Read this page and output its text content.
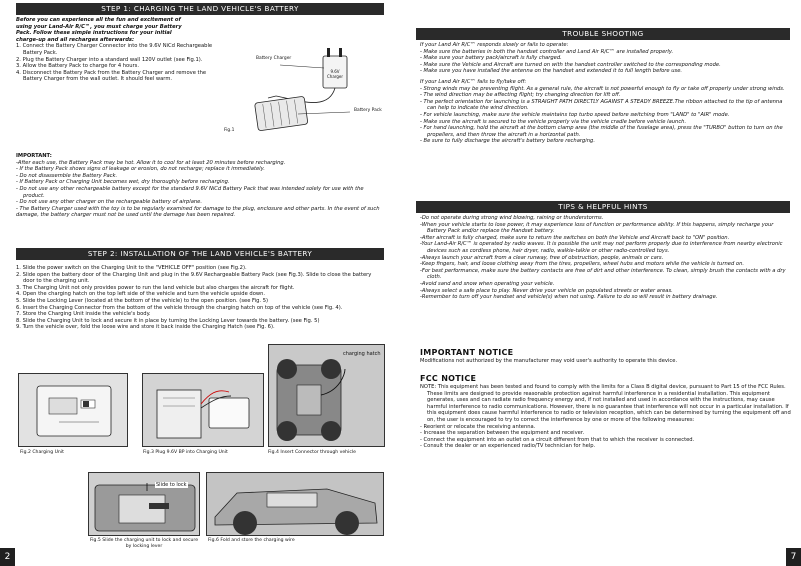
STEP 1: CHARGING THE LAND VEHICLE'S BATTERY

Before you can experience all the fun and excitement of

using your Land-Air R/C™, you must charge your Battery

Pack. Follow these simple instructions for your initial

charge-up and all recharges afterwards:

1. Connect the Battery Charger Connector into the 9.6V NiCd Rechargeable Battery Pack.

2. Plug the Battery Charger into a standard wall 120V outlet (see Fig.1).

3. Allow the Battery Pack to charge for 4 hours.

4. Disconnect the Battery Pack from the Battery Charger and remove the Battery Charger from the wall outlet. It should feel warm.

Battery Charger
9.6V Charger
Battery Pack
Fig.1

IMPORTANT:

-After each use, the Battery Pack may be hot. Allow it to cool for at least 20 minutes before recharging.

- If the Battery Pack shows signs of leakage or erosion, do not recharge; replace it immediately.

- Do not disassemble the Battery Pack.

- If Battery Pack or Charging Unit becomes wet, dry thoroughly before recharging.

- Do not use any other rechargeable battery except for the standard 9.6V NiCd Battery Pack that was intended solely for use with the product.

- Do not use any other charger on the rechargeable battery of airplane.

- The Battery Charger used with the toy is to be regularly examined for damage to the plug, enclosure and other parts. In the event of such damage, the battery charger must not be used until the damage has been repaired.

STEP 2: INSTALLATION OF THE LAND VEHICLE'S BATTERY

1. Slide the power switch on the Charging Unit to the "VEHICLE OFF" position (see Fig.2).

2. Slide open the battery door of the Charging Unit and plug in the 9.6V Rechargeable Battery Pack (see Fig.3). Slide to close the battery door to the charging unit.

3. The Charging Unit not only provides power to run the land vehicle but also charges the aircraft for flight.

4. Open the charging hatch on the top left side of the vehicle and turn the vehicle upside down.

5. Slide the Locking Lever (located at the bottom of the vehicle) to the open position. (see Fig. 5)

6. Insert the Charging Connector from the bottom of the vehicle through the charging hatch on top of the vehicle (see Fig. 4).

7. Store the Charging Unit inside the vehicle's body.

8. Slide the Charging Unit to lock and secure it in place by turning the Locking Lever towards the battery. (see Fig. 5)

9. Turn the vehicle over, fold the loose wire and store it back inside the Charging Hatch (see Fig. 6).

charging hatch
Fig.2 Charging Unit	Fig.3 Plug 9.6V BP into Charging Unit	Fig.4 Insert Connector through vehicle
Slide to lock
Fig.5 Slide the charging unit to lock and secure by locking lever
Fig.6 Fold and store the charging wire
2
TROUBLE SHOOTING

If your Land Air R/C™ responds slowly or fails to operate:

- Make sure the batteries in both the handset controller and Land Air R/C™ are installed properly.

- Make sure your battery pack/aircraft is fully charged.

- Make sure the Vehicle and Aircraft are turned on with the handset controller switched to the corresponding mode.

- Make sure you have installed the antenna on the handset and extended it to full length before use.

If your Land Air R/C™ fails to fly/take off:

- Strong winds may be preventing flight. As a general rule, the aircraft is not powerful enough to fly or take off properly under strong winds.

- The wind direction may be affecting flight; try changing direction for lift off.

- The perfect orientation for launching is a STRAIGHT PATH DIRECTLY AGAINST A STEADY BREEZE.The ribbon attached to the tip of antenna can help to indicate the wind direction.

- For vehicle launching, make sure the vehicle maintains top turbo speed before switching from "LAND" to "AIR" mode.

- Make sure the aircraft is secured to the vehicle properly via the vehicle cradle before vehicle launch.

- For hand launching, hold the aircraft at the bottom clamp area (the middle of the fuselage area), press the "TURBO" button to turn on the propellers, and then throw the aircraft in a horizontal path.

- Be sure to fully discharge the aircraft's battery before recharging.

TIPS & HELPFUL HINTS

-Do not operate during strong wind blowing, raining or thunderstorms.

-When your vehicle starts to lose power, it may experience loss of function or performance ability. If this happens, simply recharge your Battery Pack and/or replace the Handset battery.

-After aircraft is fully charged, make sure to return the switches on both the Vehicle and Aircraft back to "ON" position.

-Your Land-Air R/C™ is operated by radio waves. It is possible the unit may not perform properly due to interference from nearby electronic devices such as cordless phone, hair dryer, radio, walkie-talkie or other radio-controlled toys.

-Always launch your aircraft from a clear runway, free of obstruction, people, animals or cars.

-Keep fingers, hair, and loose clothing away from the tires, propellers, wheel hubs and motors while the vehicle is turned on.

-For best performance, make sure the battery contacts are free of dirt and other interference. To clean, simply brush the contacts with a dry cloth.

-Avoid sand and snow when operating your vehicle.

-Always select a safe place to play. Never drive your vehicle on populated streets or water areas.

-Remember to turn off your handset and vehicle(s) when not using. Failure to do so will result in battery drainage.

IMPORTANT NOTICE
Modifications not authorized by the manufacturer may void user's authority to operate this device.
FCC NOTICE

NOTE: This equipment has been tested and found to comply with the limits for a Class B digital device, pursuant to Part 15 of the FCC Rules. These limits are designed to provide reasonable protection against harmful interference in a residential installation. This equipment generates, uses and can radiate radio frequency energy and, if not installed and used in accordance with the instructions, may cause harmful interference to radio communications. However, there is no guarantee that interference will not occur in a particular installation. If this equipment does cause harmful interference to radio or television reception, which can be determined by turning the equipment off and on, the user is encouraged to try to correct the interference by one or more of the following measures:

- Reorient or relocate the receiving antenna.

- Increase the separation between the equipment and receiver.

- Connect the equipment into an outlet on a circuit different from that to which the receiver is connected.

- Consult the dealer or an experienced radio/TV technician for help.

7
